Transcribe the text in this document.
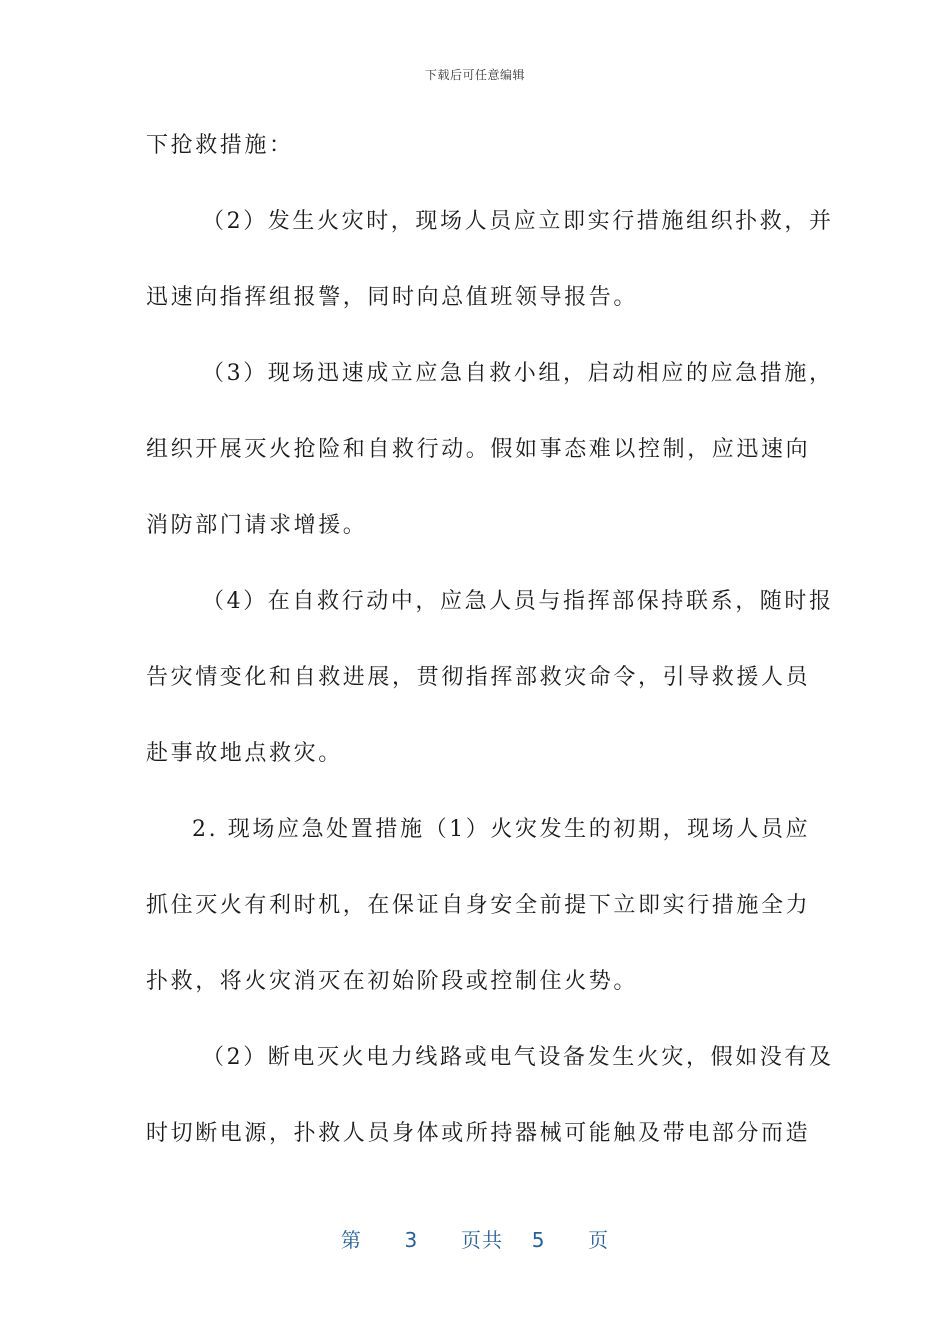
下载后可任意编辑
下抢救措施：
（2）发生火灾时，现场人员应立即实行措施组织扑救，并
迅速向指挥组报警，同时向总值班领导报告。
（3）现场迅速成立应急自救小组，启动相应的应急措施，
组织开展灭火抢险和自救行动。假如事态难以控制，应迅速向
消防部门请求增援。
（4）在自救行动中，应急人员与指挥部保持联系，随时报
告灾情变化和自救进展，贯彻指挥部救灾命令，引导救援人员
赴事故地点救灾。
2. 现场应急处置措施（1）火灾发生的初期，现场人员应
抓住灭火有利时机，在保证自身安全前提下立即实行措施全力
扑救，将火灾消灭在初始阶段或控制住火势。
（2）断电灭火电力线路或电气设备发生火灾，假如没有及
时切断电源，扑救人员身体或所持器械可能触及带电部分而造
第 3 页共 5 页
